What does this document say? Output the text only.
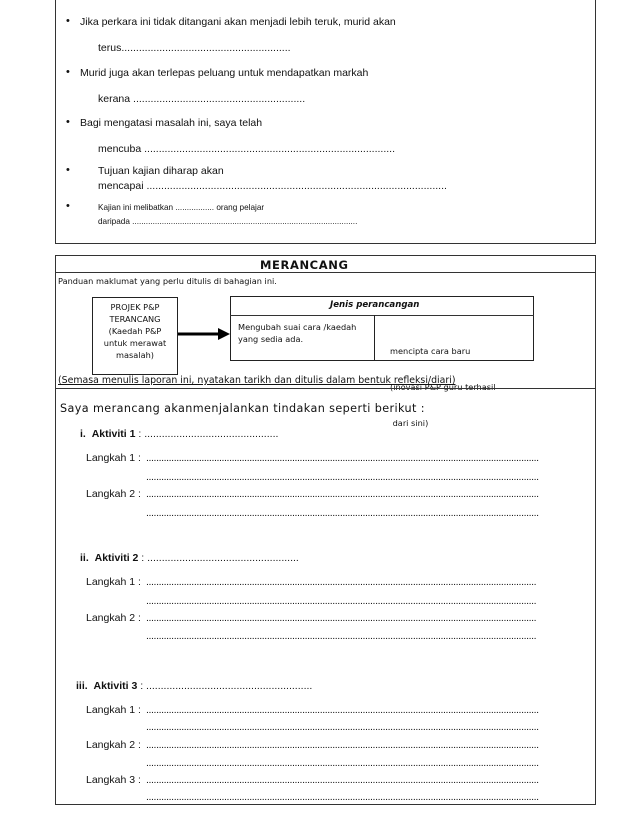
• Jika perkara ini tidak ditangani akan menjadi lebih teruk, murid akan
terus..........................................................
• Murid juga akan terlepas peluang untuk mendapatkan markah
kerana ...........................................................
• Bagi mengatasi masalah ini, saya telah
mencuba ......................................................................................
•	Tujuan kajian diharap akan
mencapai .......................................................................................................
•	Kajian ini melibatkan ................. orang pelajar
daripada ...................................................................................................
MERANCANG
Panduan maklumat yang perlu ditulis di bahagian ini.
PROJEK P&P
TERANCANG
(Kaedah P&P
untuk merawat
masalah)
Jenis perancangan
Mengubah suai cara /kaedah
yang sedia ada.

mencipta cara baru

(inovasi P&P guru terhasil

dari sini)

(Semasa menulis laporan ini, nyatakan tarikh dan ditulis dalam bentuk refleksi/diari)
Saya merancang akanmenjalankan tindakan seperti berikut :
i. Aktiviti 1 : ..............................................
Langkah 1 : ............................................................................................................................................................
............................................................................................................................................................
Langkah 2 : ............................................................................................................................................................
............................................................................................................................................................
ii. Aktiviti 2 : ....................................................
Langkah 1 : ...........................................................................................................................................................
...........................................................................................................................................................
Langkah 2 : ...........................................................................................................................................................
...........................................................................................................................................................
iii. Aktiviti 3 : .........................................................
Langkah 1 : ............................................................................................................................................................
............................................................................................................................................................
Langkah 2 : ............................................................................................................................................................
............................................................................................................................................................
Langkah 3 : ............................................................................................................................................................
............................................................................................................................................................
